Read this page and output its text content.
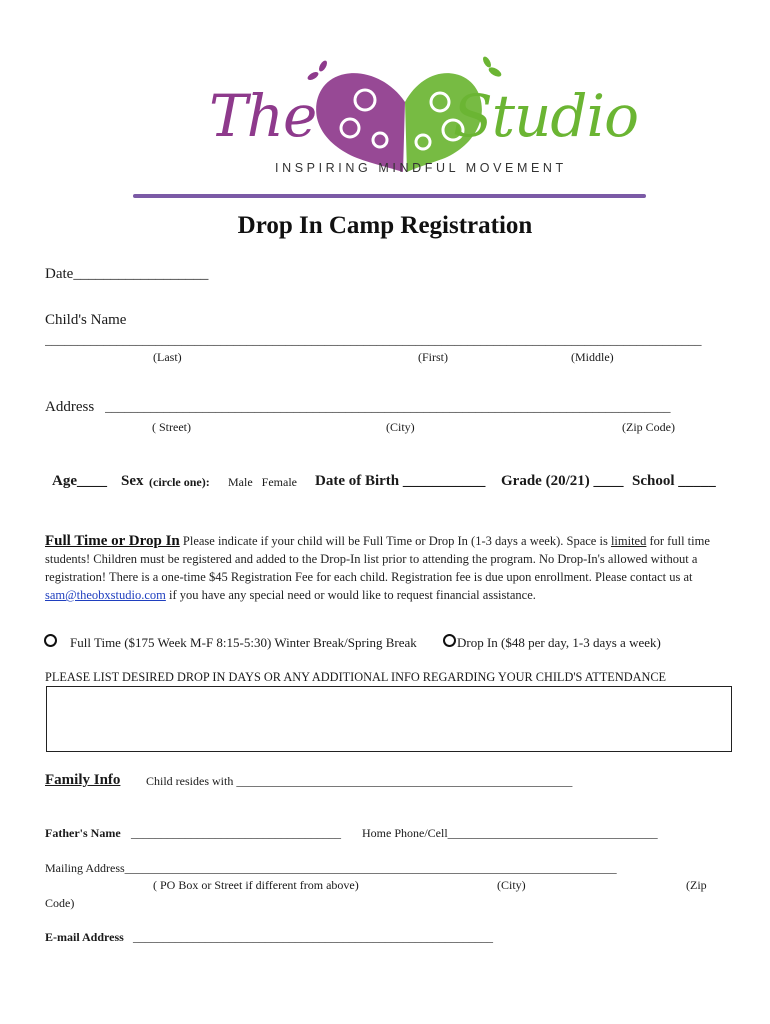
The Studio
INSPIRING MINDFUL MOVEMENT
Drop In Camp Registration
Date__________________
Child's Name
_____________________________________________________________________________________________________
(Last)	(First)	(Middle)
Address _______________________________________________________________________________________
( Street)	(City)	(Zip Code)
Age____ Sex (circle one): Male   Female Date of Birth ___________ Grade (20/21) ____ School _____
Full Time or Drop In Please indicate if your child will be Full Time or Drop In (1-3 days a week). Space is limited for full time students! Children must be registered and added to the Drop-In list prior to attending the program. No Drop-In's allowed without a registration! There is a one-time $45 Registration Fee for each child. Registration fee is due upon enrollment. Please contact us at sam@theobxstudio.com if you have any special need or would like to request financial assistance.
Full Time ($175 Week M-F 8:15-5:30) Winter Break/Spring Break	Drop In ($48 per day, 1-3 days a week)
PLEASE LIST DESIRED DROP IN DAYS OR ANY ADDITIONAL INFO REGARDING YOUR CHILD'S ATTENDANCE
Family Info Child resides with ________________________________________________________
Father's Name ___________________________________ Home Phone/Cell___________________________________
Mailing Address__________________________________________________________________________________
( PO Box or Street if different from above)	(City)	(Zip
Code)
E-mail Address ____________________________________________________________
